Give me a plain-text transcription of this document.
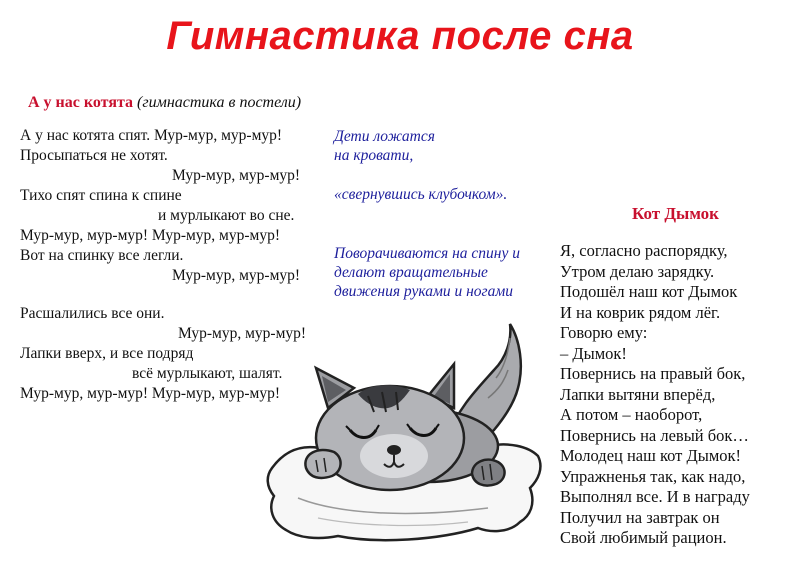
Гимнастика после сна
А у нас котята (гимнастика в постели)
А у нас котята спят. Мур-мур, мур-мур!
Просыпаться не хотят.
Мур-мур, мур-мур!
Тихо спят спина к спине
и мурлыкают во сне.
Мур-мур, мур-мур! Мур-мур, мур-мур!
Вот на спинку все легли.
Мур-мур, мур-мур!
Расшалились все они.
Мур-мур, мур-мур!
Лапки вверх, и все подряд
всё мурлыкают, шалят.
Мур-мур, мур-мур! Мур-мур, мур-мур!
Дети ложатся
на кровати,
«свернувшись клубочком».
Поворачиваются на спину и
делают вращательные
движения руками и ногами
Кот Дымок
Я, согласно распорядку,
Утром делаю зарядку.
Подошёл наш кот Дымок
И на коврик рядом лёг.
Говорю ему:
– Дымок!
Повернись на правый бок,
Лапки вытяни вперёд,
А потом – наоборот,
Повернись на левый бок…
Молодец наш кот Дымок!
Упражненья так, как надо,
Выполнял все. И в награду
Получил на завтрак он
Свой любимый рацион.
